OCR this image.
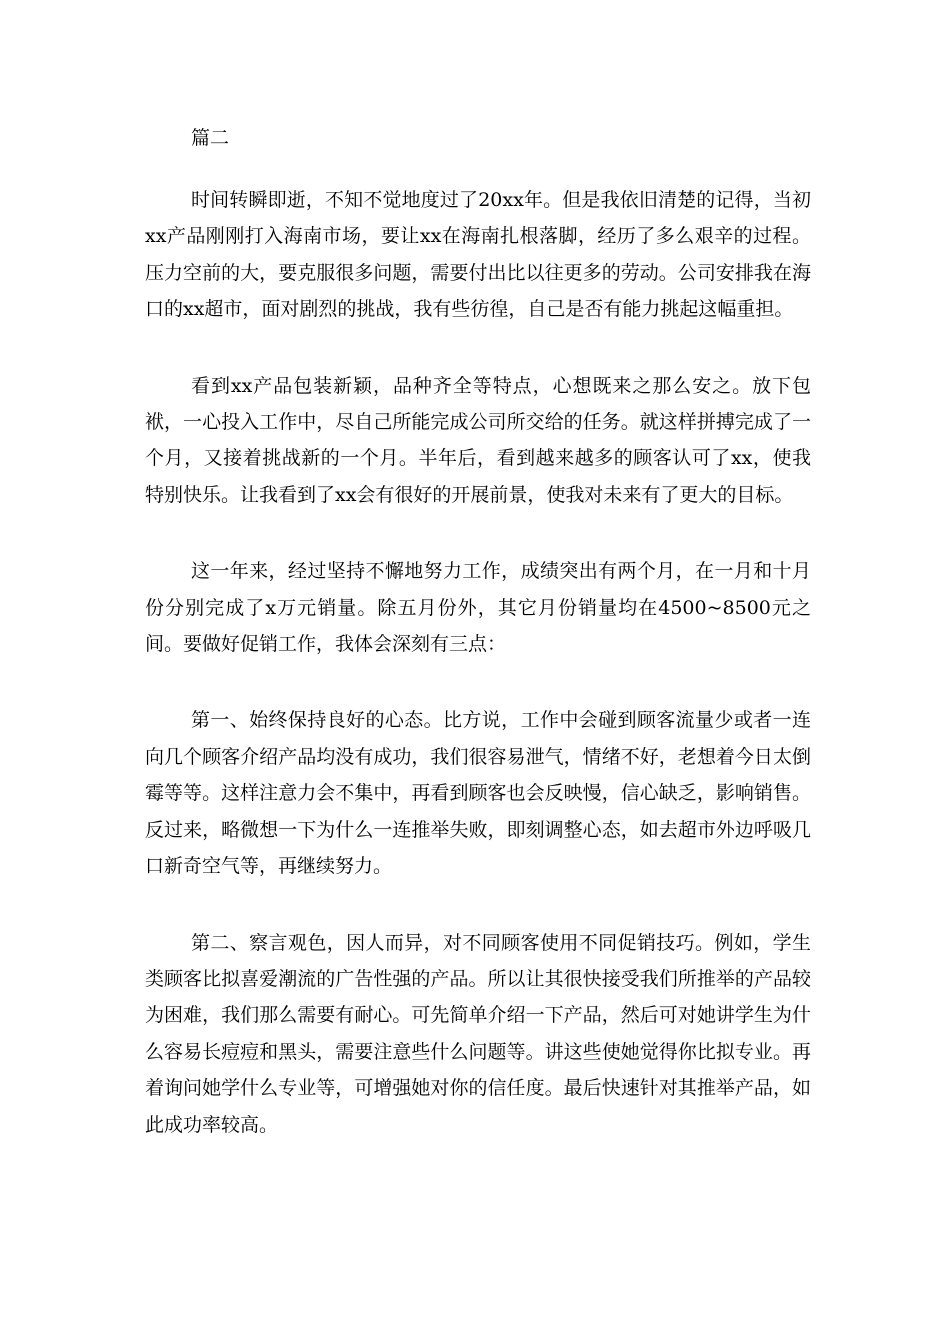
篇二

时间转瞬即逝，不知不觉地度过了20xx年。但是我依旧清楚的记得，当初xx产品刚刚打入海南市场，要让xx在海南扎根落脚，经历了多么艰辛的过程。压力空前的大，要克服很多问题，需要付出比以往更多的劳动。公司安排我在海口的xx超市，面对剧烈的挑战，我有些彷徨，自己是否有能力挑起这幅重担。

看到xx产品包装新颖，品种齐全等特点，心想既来之那么安之。放下包袱，一心投入工作中，尽自己所能完成公司所交给的任务。就这样拼搏完成了一个月，又接着挑战新的一个月。半年后，看到越来越多的顾客认可了xx，使我特别快乐。让我看到了xx会有很好的开展前景，使我对未来有了更大的目标。

这一年来，经过坚持不懈地努力工作，成绩突出有两个月，在一月和十月份分别完成了x万元销量。除五月份外，其它月份销量均在4500~8500元之间。要做好促销工作，我体会深刻有三点：

第一、始终保持良好的心态。比方说，工作中会碰到顾客流量少或者一连向几个顾客介绍产品均没有成功，我们很容易泄气，情绪不好，老想着今日太倒霉等等。这样注意力会不集中，再看到顾客也会反映慢，信心缺乏，影响销售。反过来，略微想一下为什么一连推举失败，即刻调整心态，如去超市外边呼吸几口新奇空气等，再继续努力。

第二、察言观色，因人而异，对不同顾客使用不同促销技巧。例如，学生类顾客比拟喜爱潮流的广告性强的产品。所以让其很快接受我们所推举的产品较为困难，我们那么需要有耐心。可先简单介绍一下产品，然后可对她讲学生为什么容易长痘痘和黑头，需要注意些什么问题等。讲这些使她觉得你比拟专业。再着询问她学什么专业等，可增强她对你的信任度。最后快速针对其推举产品，如此成功率较高。
